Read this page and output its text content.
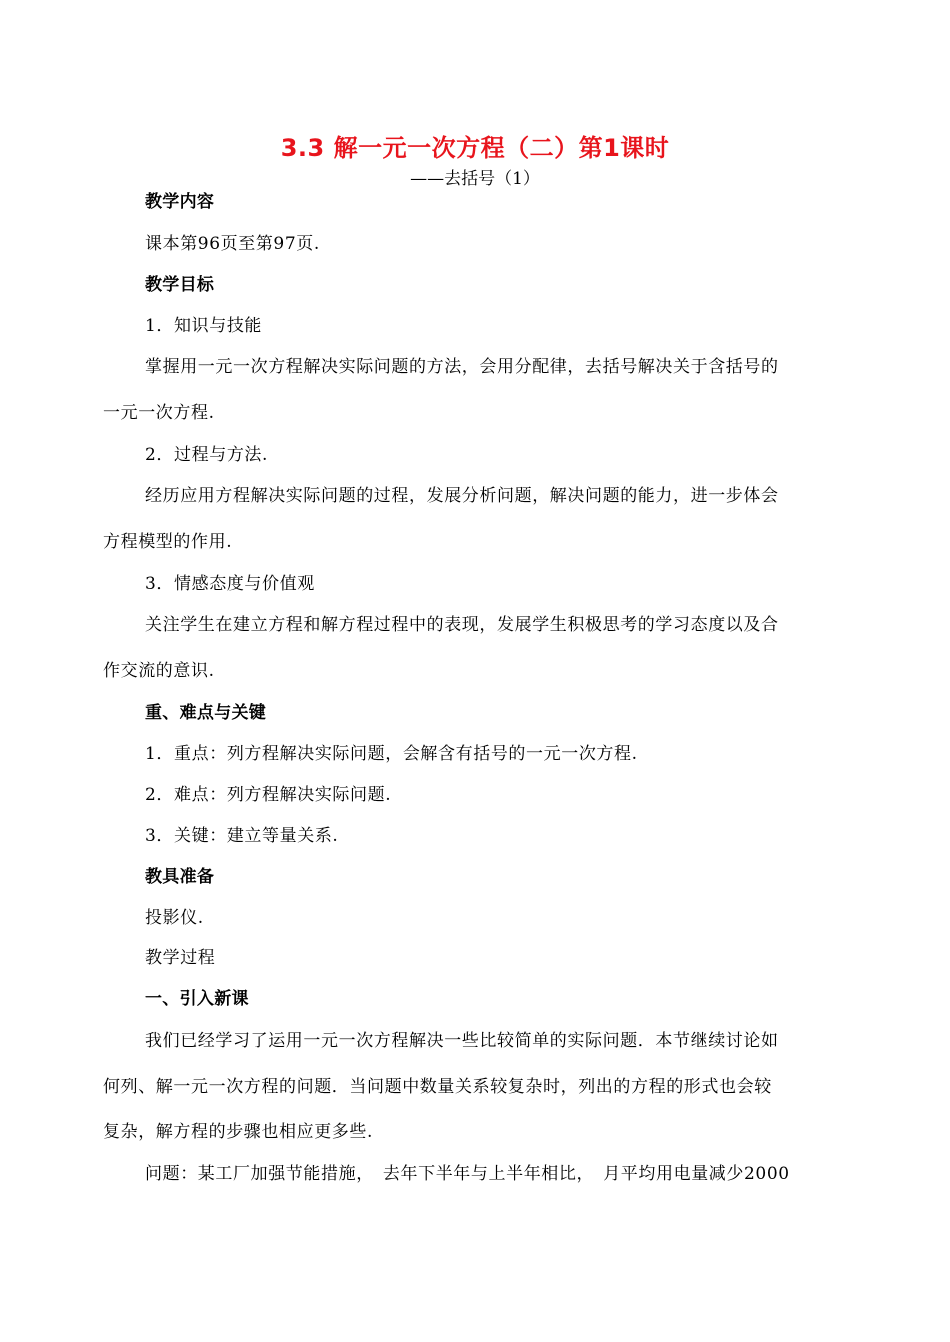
3.3 解一元一次方程（二）第1课时
——去括号（1）
教学内容
课本第96页至第97页.
教学目标
1．知识与技能
掌握用一元一次方程解决实际问题的方法，会用分配律，去括号解决关于含括号的
一元一次方程.
2．过程与方法.
经历应用方程解决实际问题的过程，发展分析问题，解决问题的能力，进一步体会
方程模型的作用.
3．情感态度与价值观
关注学生在建立方程和解方程过程中的表现，发展学生积极思考的学习态度以及合
作交流的意识.
重、难点与关键
1．重点：列方程解决实际问题，会解含有括号的一元一次方程.
2．难点：列方程解决实际问题.
3．关键：建立等量关系.
教具准备
投影仪.
教学过程
一、引入新课
我们已经学习了运用一元一次方程解决一些比较简单的实际问题．本节继续讨论如
何列、解一元一次方程的问题．当问题中数量关系较复杂时，列出的方程的形式也会较
复杂，解方程的步骤也相应更多些.
问题：某工厂加强节能措施，　去年下半年与上半年相比，　月平均用电量减少2000
